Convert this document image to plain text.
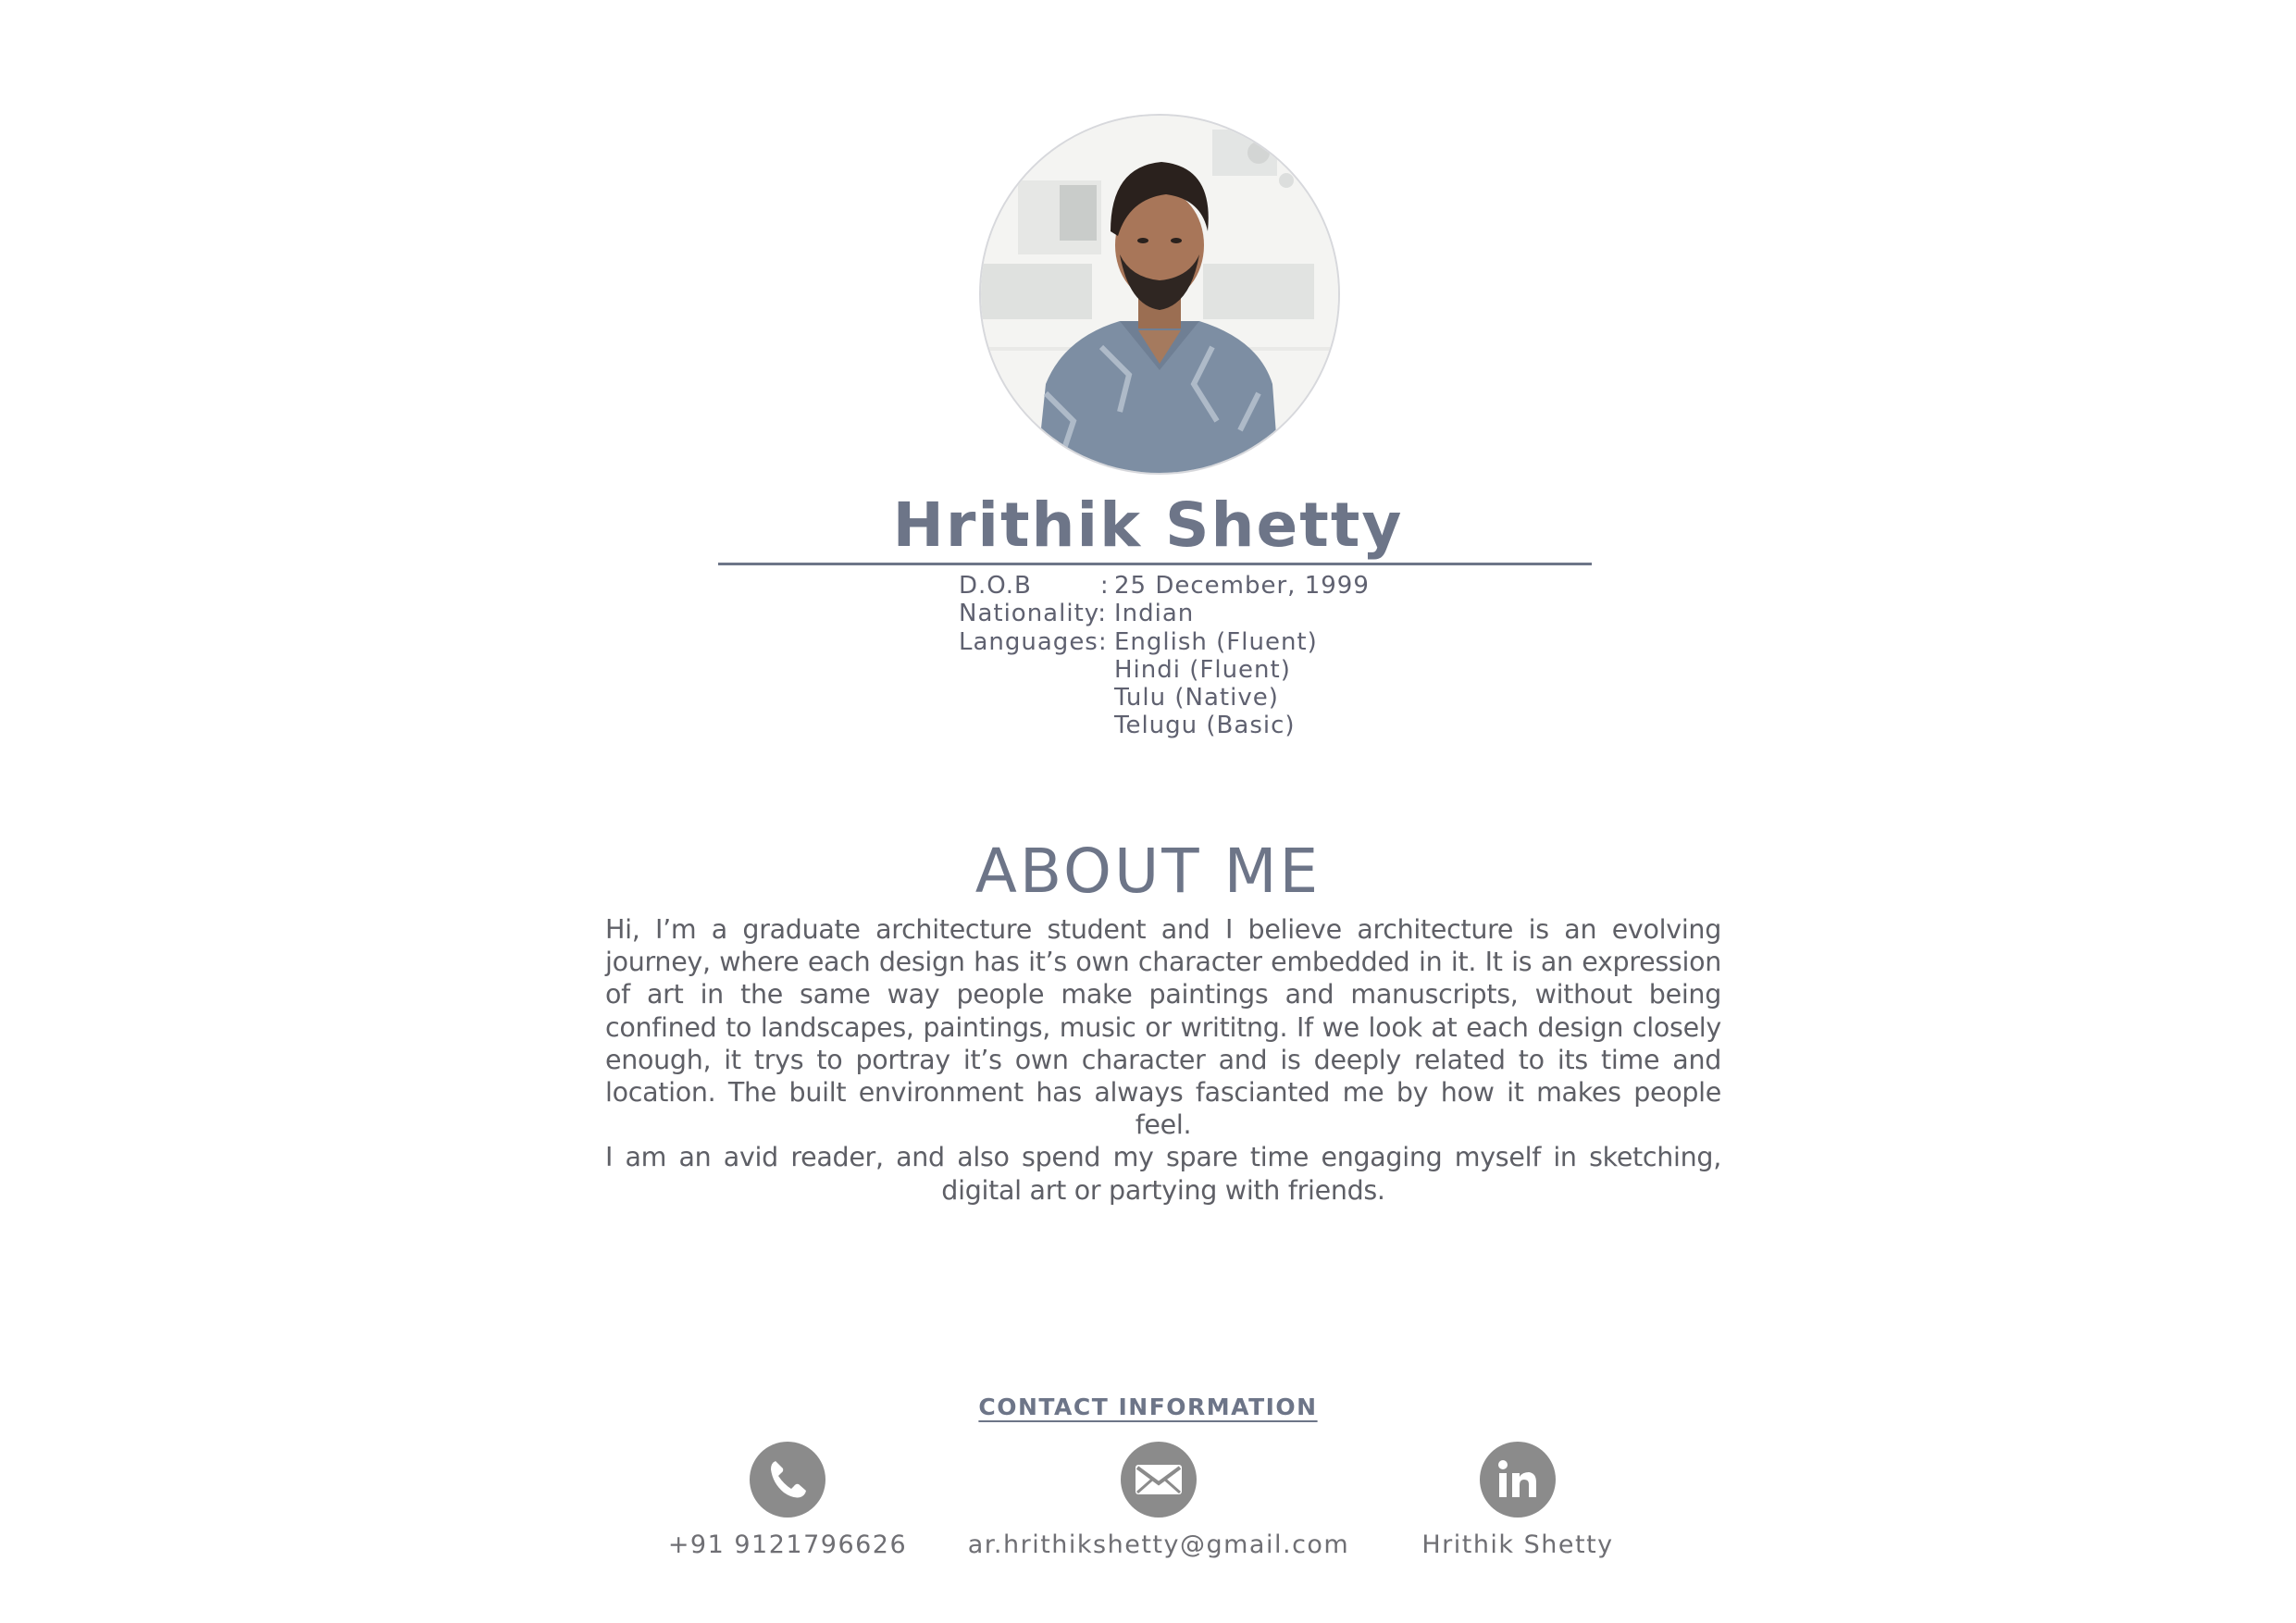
Hrithik Shetty
D.O.B        : 25 December, 1999
Nationality: Indian
Languages: English (Fluent)
Hindi (Fluent)
Tulu (Native)
Telugu (Basic)
ABOUT ME

Hi, I’m a graduate architecture student and I believe architecture is an evolving journey, where each design has it’s own character embedded in it. It is an expression of art in the same way people make paintings and manuscripts, without being confined to landscapes, paintings, music or writitng. If we look at each design closely enough, it trys to portray it’s own character and is deeply related to its time and location. The built environment has always fascianted me by how it makes people feel.

I am an avid reader, and also spend my spare time engaging myself in sketching, digital art or partying with friends.

CONTACT INFORMATION
+91 9121796626	ar.hrithikshetty@gmail.com	Hrithik Shetty
